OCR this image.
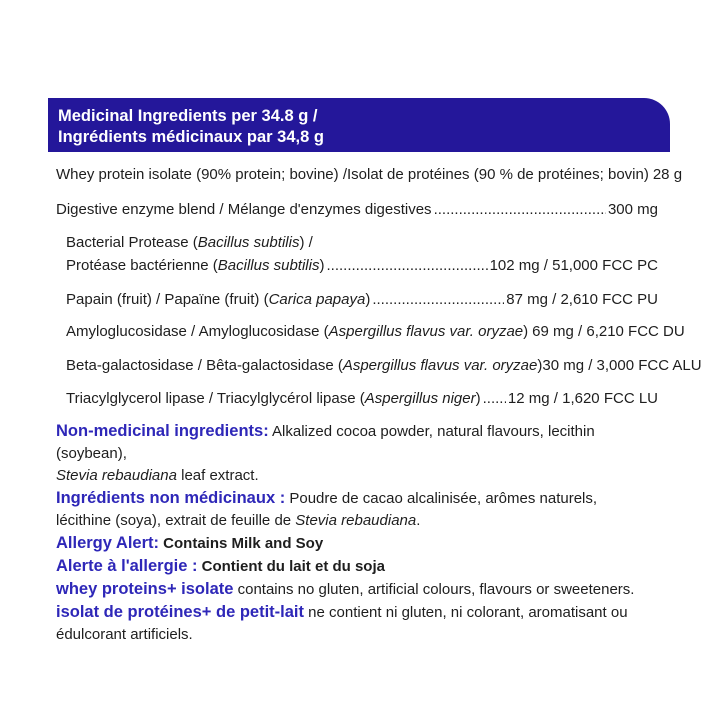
Medicinal Ingredients per 34.8 g /
Ingrédients médicinaux par 34,8 g
Whey protein isolate (90% protein; bovine) /Isolat de protéines (90 % de protéines; bovin) 28 g
Digestive enzyme blend / Mélange d'enzymes digestives .....	300 mg
Bacterial Protease (Bacillus subtilis) /
Protéase bactérienne (Bacillus subtilis) .....	102 mg / 51,000 FCC PC
Papain (fruit) / Papaïne (fruit) (Carica papaya) .....	87 mg / 2,610 FCC PU
Amyloglucosidase / Amyloglucosidase (Aspergillus flavus var. oryzae) 69 mg / 6,210 FCC DU
Beta-galactosidase / Bêta-galactosidase (Aspergillus flavus var. oryzae) 30 mg / 3,000 FCC ALU
Triacylglycerol lipase / Triacylglycérol lipase (Aspergillus niger) ..... 12 mg / 1,620 FCC LU

Non-medicinal ingredients: Alkalized cocoa powder, natural flavours, lecithin (soybean),
Stevia rebaudiana leaf extract.

Ingrédients non médicinaux : Poudre de cacao alcalinisée, arômes naturels, lécithine (soya), extrait de feuille de Stevia rebaudiana.

Allergy Alert: Contains Milk and Soy

Alerte à l'allergie : Contient du lait et du soja

whey proteins+ isolate contains no gluten, artificial colours, flavours or sweeteners.

isolat de protéines+ de petit-lait ne contient ni gluten, ni colorant, aromatisant ou édulcorant artificiels.
